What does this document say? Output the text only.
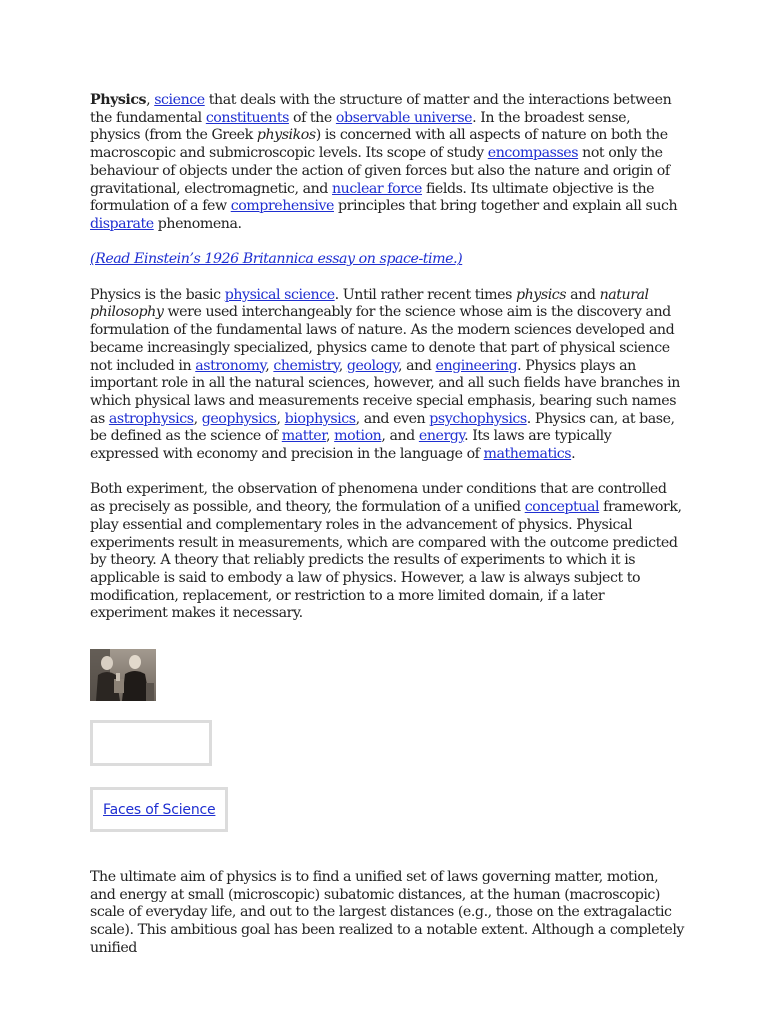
Physics, science that deals with the structure of matter and the interactions between the fundamental constituents of the observable universe. In the broadest sense, physics (from the Greek physikos) is concerned with all aspects of nature on both the macroscopic and submicroscopic levels. Its scope of study encompasses not only the behaviour of objects under the action of given forces but also the nature and origin of gravitational, electromagnetic, and nuclear force fields. Its ultimate objective is the formulation of a few comprehensive principles that bring together and explain all such disparate phenomena.

(Read Einstein’s 1926 Britannica essay on space-time.)

Physics is the basic physical science. Until rather recent times physics and natural philosophy were used interchangeably for the science whose aim is the discovery and formulation of the fundamental laws of nature. As the modern sciences developed and became increasingly specialized, physics came to denote that part of physical science not included in astronomy, chemistry, geology, and engineering. Physics plays an important role in all the natural sciences, however, and all such fields have branches in which physical laws and measurements receive special emphasis, bearing such names as astrophysics, geophysics, biophysics, and even psychophysics. Physics can, at base, be defined as the science of matter, motion, and energy. Its laws are typically expressed with economy and precision in the language of mathematics.

Both experiment, the observation of phenomena under conditions that are controlled as precisely as possible, and theory, the formulation of a unified conceptual framework, play essential and complementary roles in the advancement of physics. Physical experiments result in measurements, which are compared with the outcome predicted by theory. A theory that reliably predicts the results of experiments to which it is applicable is said to embody a law of physics. However, a law is always subject to modification, replacement, or restriction to a more limited domain, if a later experiment makes it necessary.

Faces of Science

The ultimate aim of physics is to find a unified set of laws governing matter, motion, and energy at small (microscopic) subatomic distances, at the human (macroscopic) scale of everyday life, and out to the largest distances (e.g., those on the extragalactic scale). This ambitious goal has been realized to a notable extent. Although a completely unified
